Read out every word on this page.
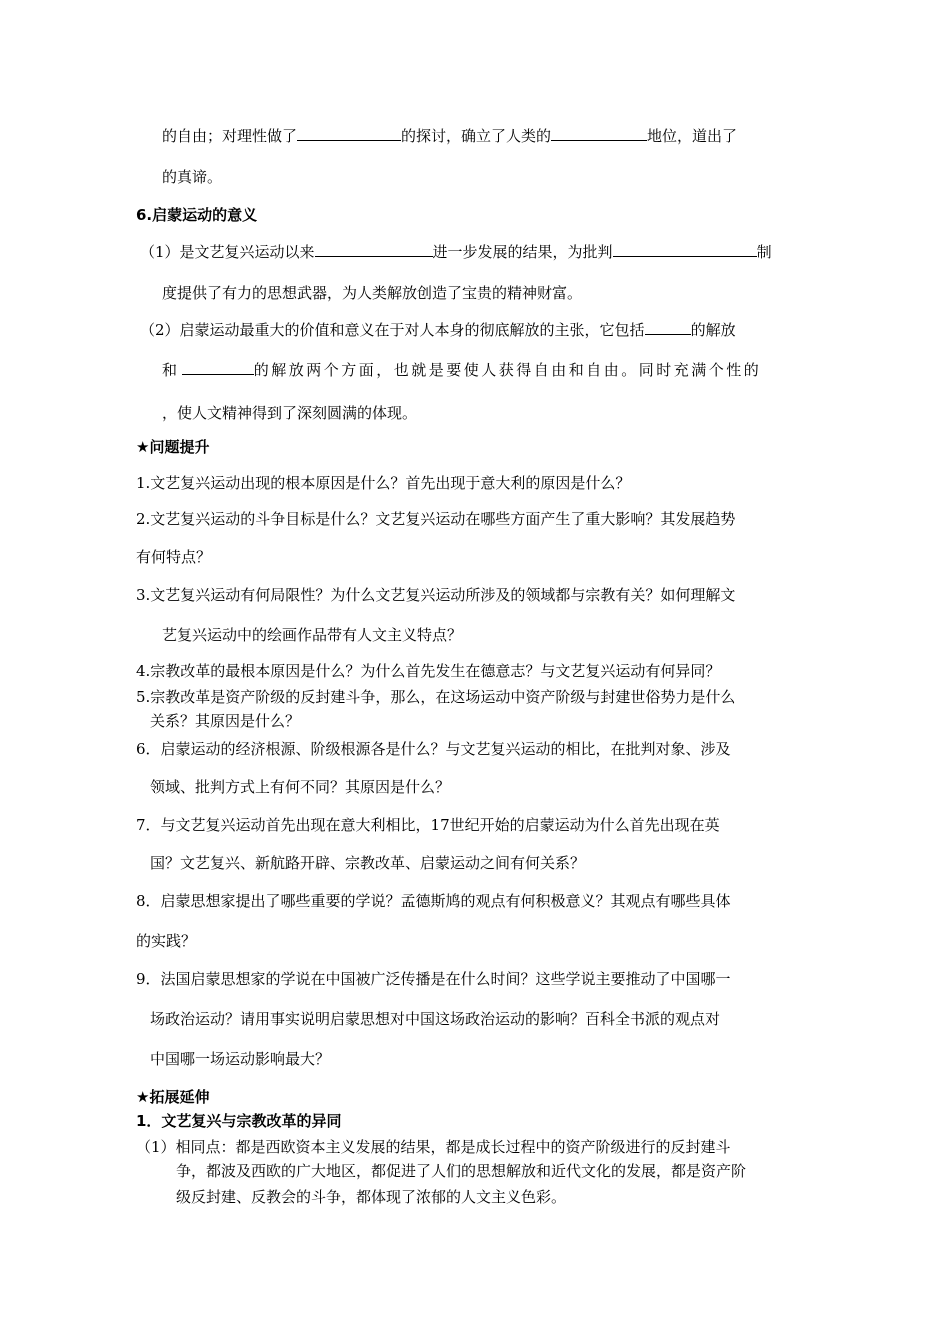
的自由；对理性做了	的探讨，确立了人类的	地位，道出了
的真谛。
6.启蒙运动的意义
（1）是文艺复兴运动以来	进一步发展的结果，为批判	制
度提供了有力的思想武器，为人类解放创造了宝贵的精神财富。
（2）启蒙运动最重大的价值和意义在于对人本身的彻底解放的主张，它包括	的解放
和	的解放两个方面，也就是要使人获得自由和自由。同时充满个性的
，使人文精神得到了深刻圆满的体现。
★问题提升
1.文艺复兴运动出现的根本原因是什么？首先出现于意大利的原因是什么？
2.文艺复兴运动的斗争目标是什么？文艺复兴运动在哪些方面产生了重大影响？其发展趋势
有何特点？
3.文艺复兴运动有何局限性？为什么文艺复兴运动所涉及的领域都与宗教有关？如何理解文
艺复兴运动中的绘画作品带有人文主义特点？
4.宗教改革的最根本原因是什么？为什么首先发生在德意志？与文艺复兴运动有何异同？
5.宗教改革是资产阶级的反封建斗争，那么，在这场运动中资产阶级与封建世俗势力是什么
关系？其原因是什么？
6．启蒙运动的经济根源、阶级根源各是什么？与文艺复兴运动的相比，在批判对象、涉及
领域、批判方式上有何不同？其原因是什么？
7．与文艺复兴运动首先出现在意大利相比，17世纪开始的启蒙运动为什么首先出现在英
国？文艺复兴、新航路开辟、宗教改革、启蒙运动之间有何关系？
8．启蒙思想家提出了哪些重要的学说？孟德斯鸠的观点有何积极意义？其观点有哪些具体
的实践？
9．法国启蒙思想家的学说在中国被广泛传播是在什么时间？这些学说主要推动了中国哪一
场政治运动？请用事实说明启蒙思想对中国这场政治运动的影响？百科全书派的观点对
中国哪一场运动影响最大？
★拓展延伸
1．文艺复兴与宗教改革的异同
（1）相同点：都是西欧资本主义发展的结果，都是成长过程中的资产阶级进行的反封建斗
争，都波及西欧的广大地区，都促进了人们的思想解放和近代文化的发展，都是资产阶
级反封建、反教会的斗争，都体现了浓郁的人文主义色彩。
